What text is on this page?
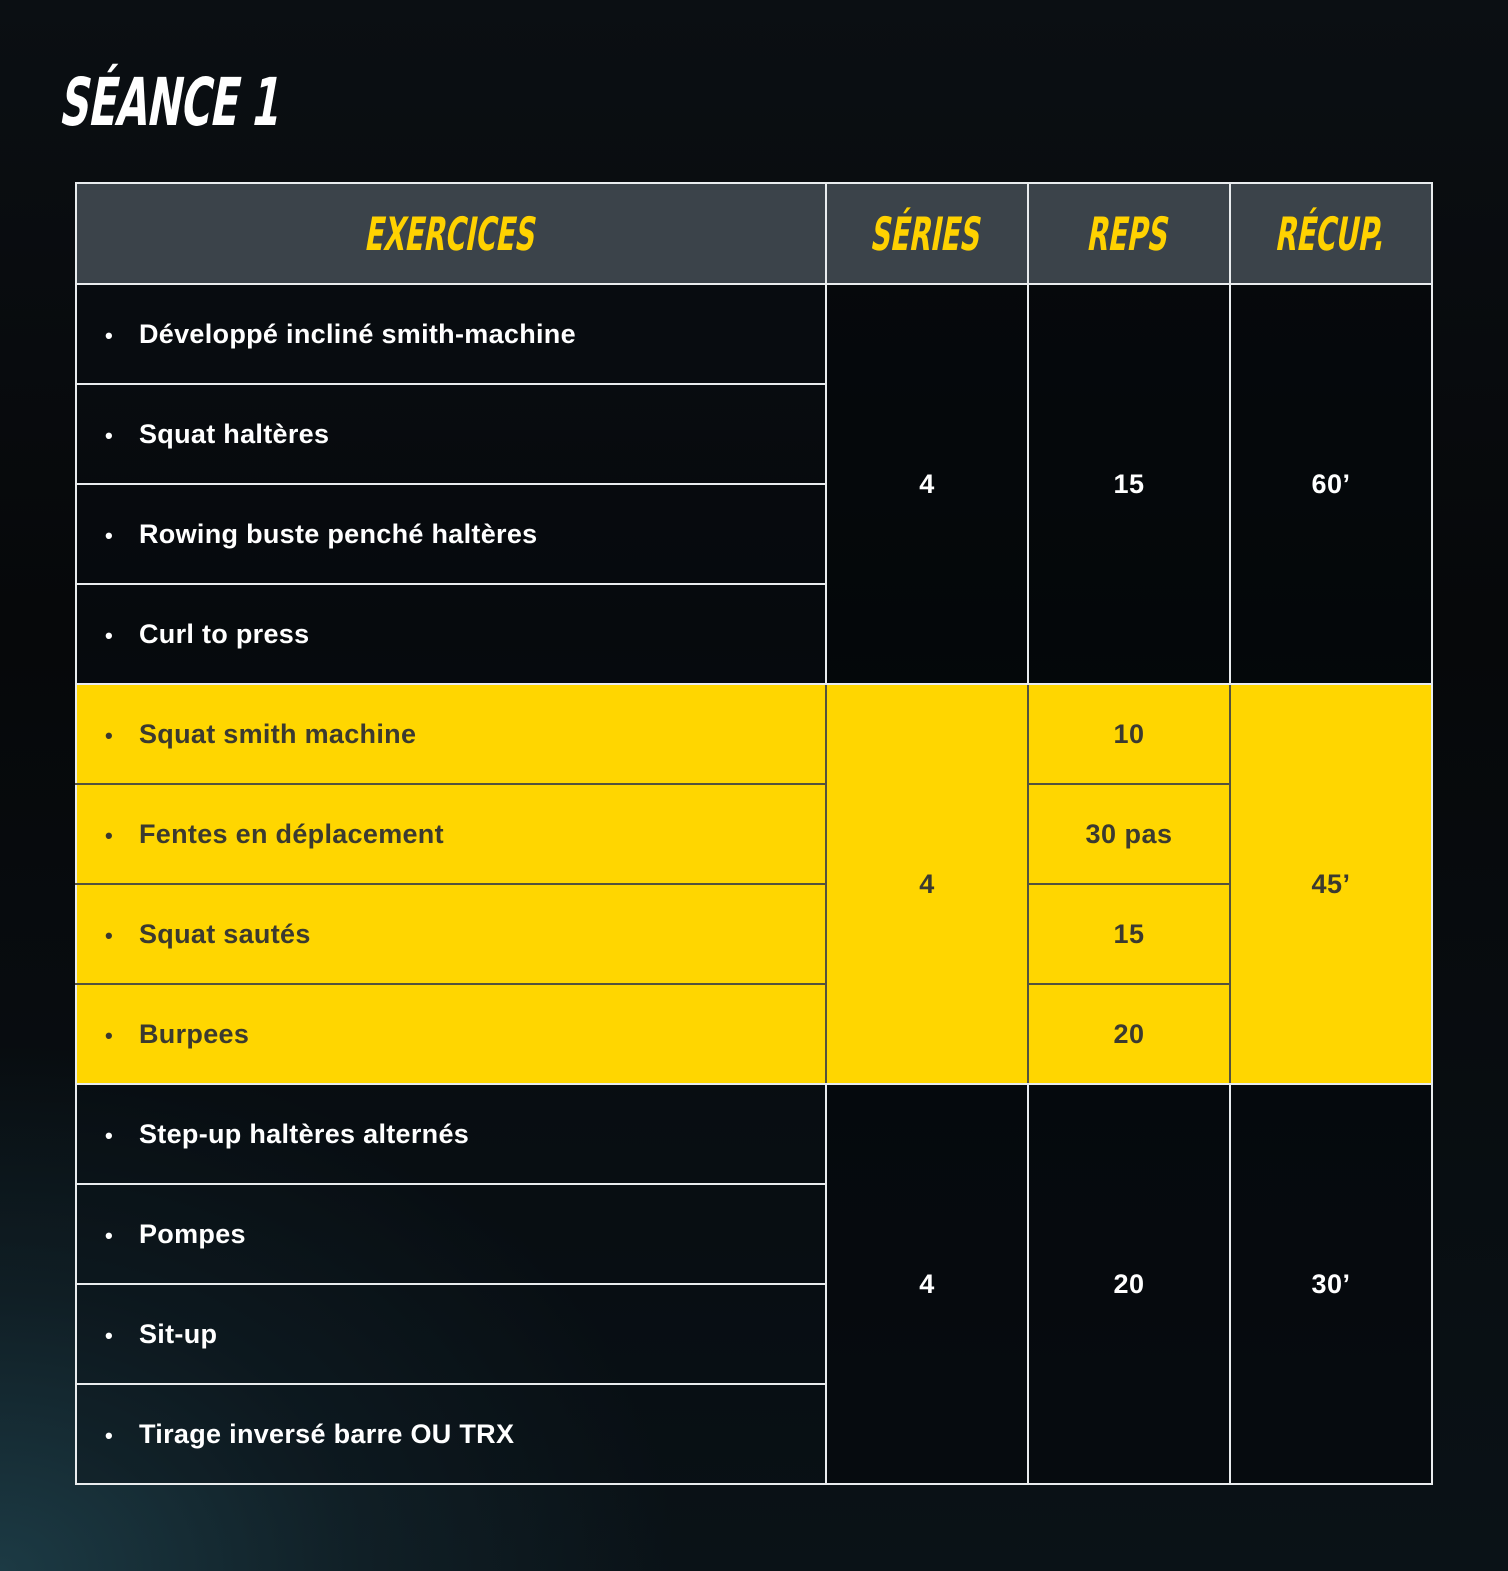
SÉANCE 1
EXERCICES	SÉRIES	REPS	RÉCUP.
• Développé incliné smith-machine	4	15	60’
• Squat haltères			
• Rowing buste penché haltères			
• Curl to press			
• Squat smith machine	4	10	45’
• Fentes en déplacement		30 pas	
• Squat sautés		15	
• Burpees		20	
• Step-up haltères alternés	4	20	30’
• Pompes			
• Sit-up			
• Tirage inversé barre OU TRX			
